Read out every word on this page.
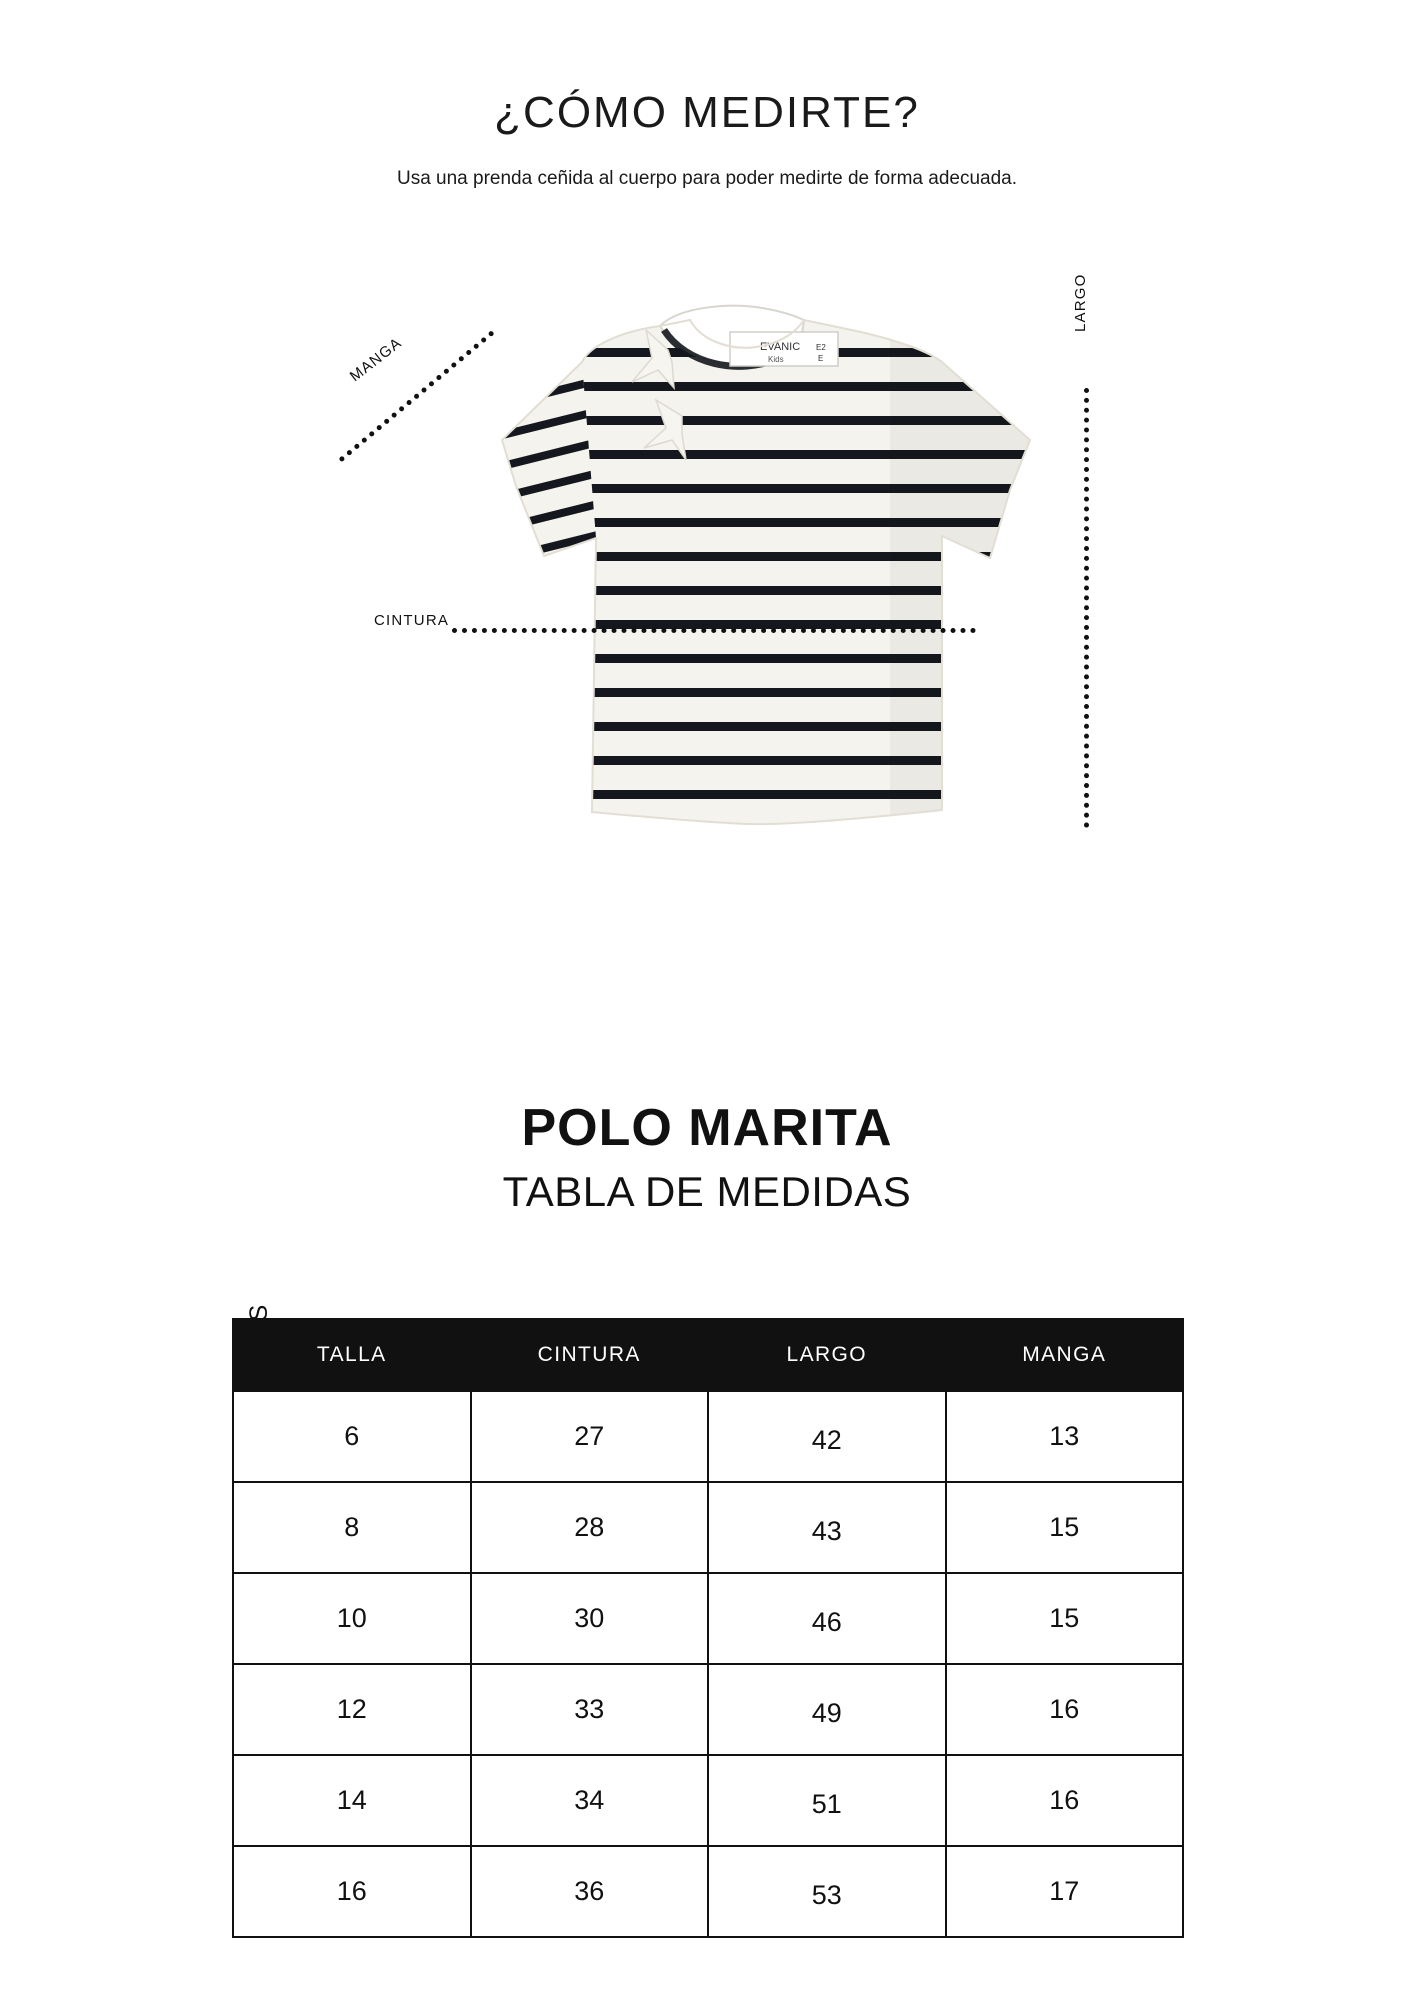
¿CÓMO MEDIRTE?
Usa una prenda ceñida al cuerpo para poder medirte de forma adecuada.
EVANIC
Kids
E2
E
MANGA
CINTURA
LARGO
POLO MARITA
TABLA DE MEDIDAS
TALLA	CINTURA	LARGO	MANGA
6	27	42	13
8	28	43	15
10	30	46	15
12	33	49	16
14	34	51	16
16	36	53	17
